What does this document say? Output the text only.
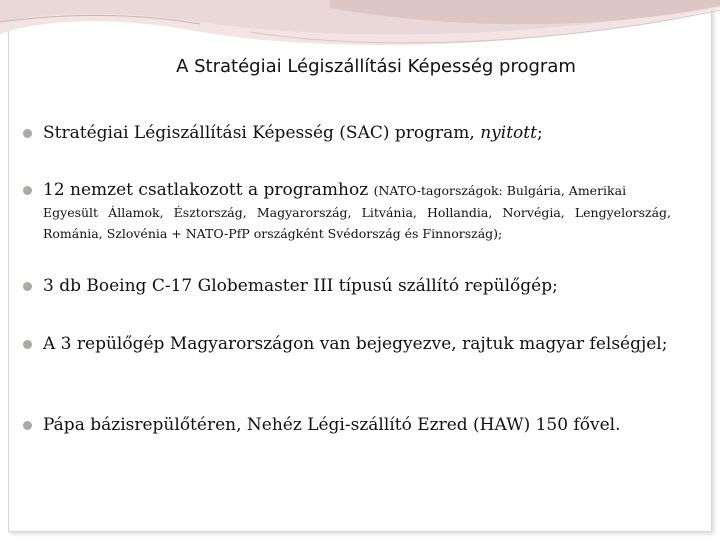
A Stratégiai Légiszállítási Képesség program
Stratégiai Légiszállítási Képesség (SAC) program, nyitott;
12 nemzet csatlakozott a programhoz (NATO-tagországok: Bulgária, Amerikai
Egyesült Államok, Észtország, Magyarország, Litvánia, Hollandia, Norvégia, Lengyelország, Románia, Szlovénia + NATO-PfP országként Svédország és Finnország);
3 db Boeing C-17 Globemaster III típusú szállító repülőgép;
A 3 repülőgép Magyarországon van bejegyezve, rajtuk magyar felségjel;
Pápa bázisrepülőtéren, Nehéz Légi-szállító Ezred (HAW) 150 fővel.
